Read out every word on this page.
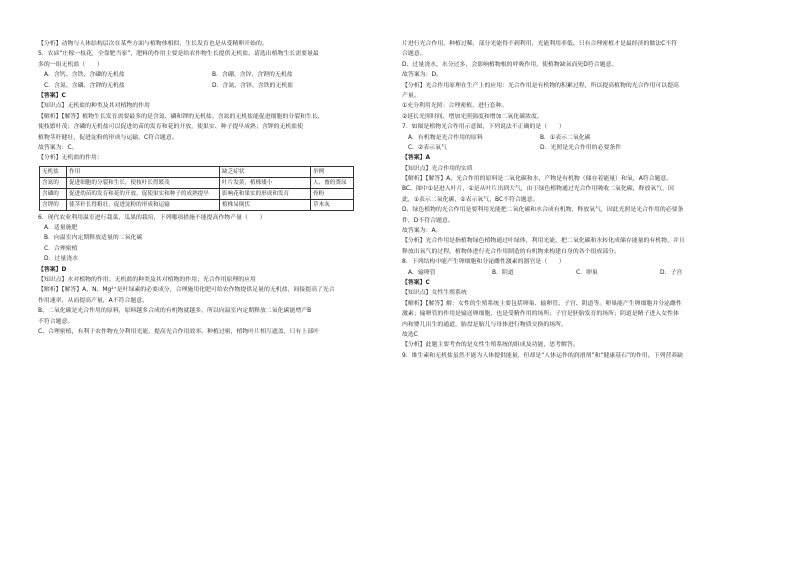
【分析】动物与人体结构层次在某些方面与植物体相似，生长发育也是从受精卵开始的。
5．农谚“庄稼一枝花，全靠肥当家”，肥料的作用主要是给农作物生长提供无机盐。请选出植物生长需要量最
多的一组无机盐（　　）
A．含钙、含铁、含磷的无机盐	B．含硼、含锌、含钾的无机盐
C．含氮、含磷、含钾的无机盐	D．含氮、含锌、含铁的无机盐
【答案】C
【知识点】无机盐的种类及其对植物的作用
【解析】【解答】植物生长发育需要最多的是含氮、磷和钾的无机盐。含氮的无机盐能促进细胞的分裂和生长，
使枝繁叶茂；含磷的无机盐可以促进幼苗的发育和花的开放，使果实、种子提早成熟；含钾的无机盐使
植物茎秆健壮，促进淀粉的形成与运输，C符合题意。
故答案为：C。
【分析】无机盐的作用：
无机盐	作用	缺乏症状	举例
含氮的	促进细胞的分裂和生长，使枝叶长得繁茂	叶片发黄，植株矮小	人、畜的粪尿
含磷的	促进幼苗的发育和花的开放，促使果实和种子的成熟提早	影响花和果实的形成和发育	骨粉
含钾的	使茎秆长得粗壮，促进淀粉的形成和运输	植株易倒伏	草木灰
6．现代农业利用温室进行栽菜、瓜果的栽培，下列哪项措施不能提高作物产量（　　）
A．适量施肥
B．向温室内定期释放适量的二氧化碳
C．合理密植
D．过量浇水
【答案】D
【知识点】水对植物的作用；无机盐的种类及其对植物的作用；光合作用原理的应用
【解析】【解答】A、N、Mg²⁺是叶绿素的必要成分，合理施用化肥可给农作物提供足量的无机盐，间接提高了光合
作用速率，从而提高产量，A不符合题意。
B、二氧化碳是光合作用的原料，原料越多合成的有机物就越多，所以向温室内定期释放二氧化碳能增产B
不符合题意。
C、合理密植，有利于农作物充分利用光能，提高光合作用效率。种植过密，植物叶片相互遮盖，只有上部叶
片进行光合作用，种植过稀，部分光能得不到利用，光能利用率低。只有合理密植才是最经济的做法C不符
合题意。
D、过量浇水，水分过多，会影响植物根的呼吸作用，使植物缺氧而死D符合题意。
故答案为：D。
【分析】光合作用原理在生产上的应用：光合作用是有机物的积累过程，所以提高植物的光合作用可以提高
产量。
①充分利用光照：合理密植，进行套种。
②延长光照时间、增加光照强度和增加二氧化碳浓度。
7．如图是植物光合作用示意图，下列说法不正确的是（　　）
A．有机物是光合作用的原料	B．①表示二氧化碳
C．②表示氧气	D．光照是光合作用的必要条件
【答案】A
【知识点】光合作用的实质
【解析】【解答】A、光合作用的原料是二氧化碳和水，产物是有机物（储存着能量）和氧，A符合题意。
BC、图中①是进入叶片，②是从叶片出到大气，由于绿色植物通过光合作用吸收二氧化碳，释放氧气，因
此，①表示二氧化碳，②表示氧气，BC不符合题意。
D、绿色植物的光合作用是要利用光能把二氧化碳和水合成有机物，释放氧气，因此光照是光合作用的必要条
件，D不符合题意。
故答案为：A。
【分析】光合作用是指植物绿色植物通过叶绿体，利用光能，把二氧化碳和水转化成储存能量的有机物，并且
释放出氧气的过程。植物体进行光合作用制造的有机物来构建自身的各个组成部分。
8．下列结构中能产生卵细胞和分泌雌性激素的器官是（　　）
A．输卵管	B．阴道	C．卵巢	D．子宫
【答案】C
【知识点】女性生殖系统
【解析】【解答】解：女性的生殖系统主要包括卵巢、输卵管、子宫、阴道等。卵巢能产生卵细胞并分泌雌性
激素；输卵管的作用是输送卵细胞，也是受精作用的场所；子宫是胚胎发育的场所；阴道是精子进入女性体
内和婴儿出生的通道，胎盘是胎儿与母体进行物质交换的场所。
故选C
【分析】此题主要考查的是女性生殖系统的组成及功能，思考解答。
9．维生素和无机盐虽然不能为人体提供能量，但却是“人体运作的润滑剂”和“健康基石”的作用。下列营养缺
